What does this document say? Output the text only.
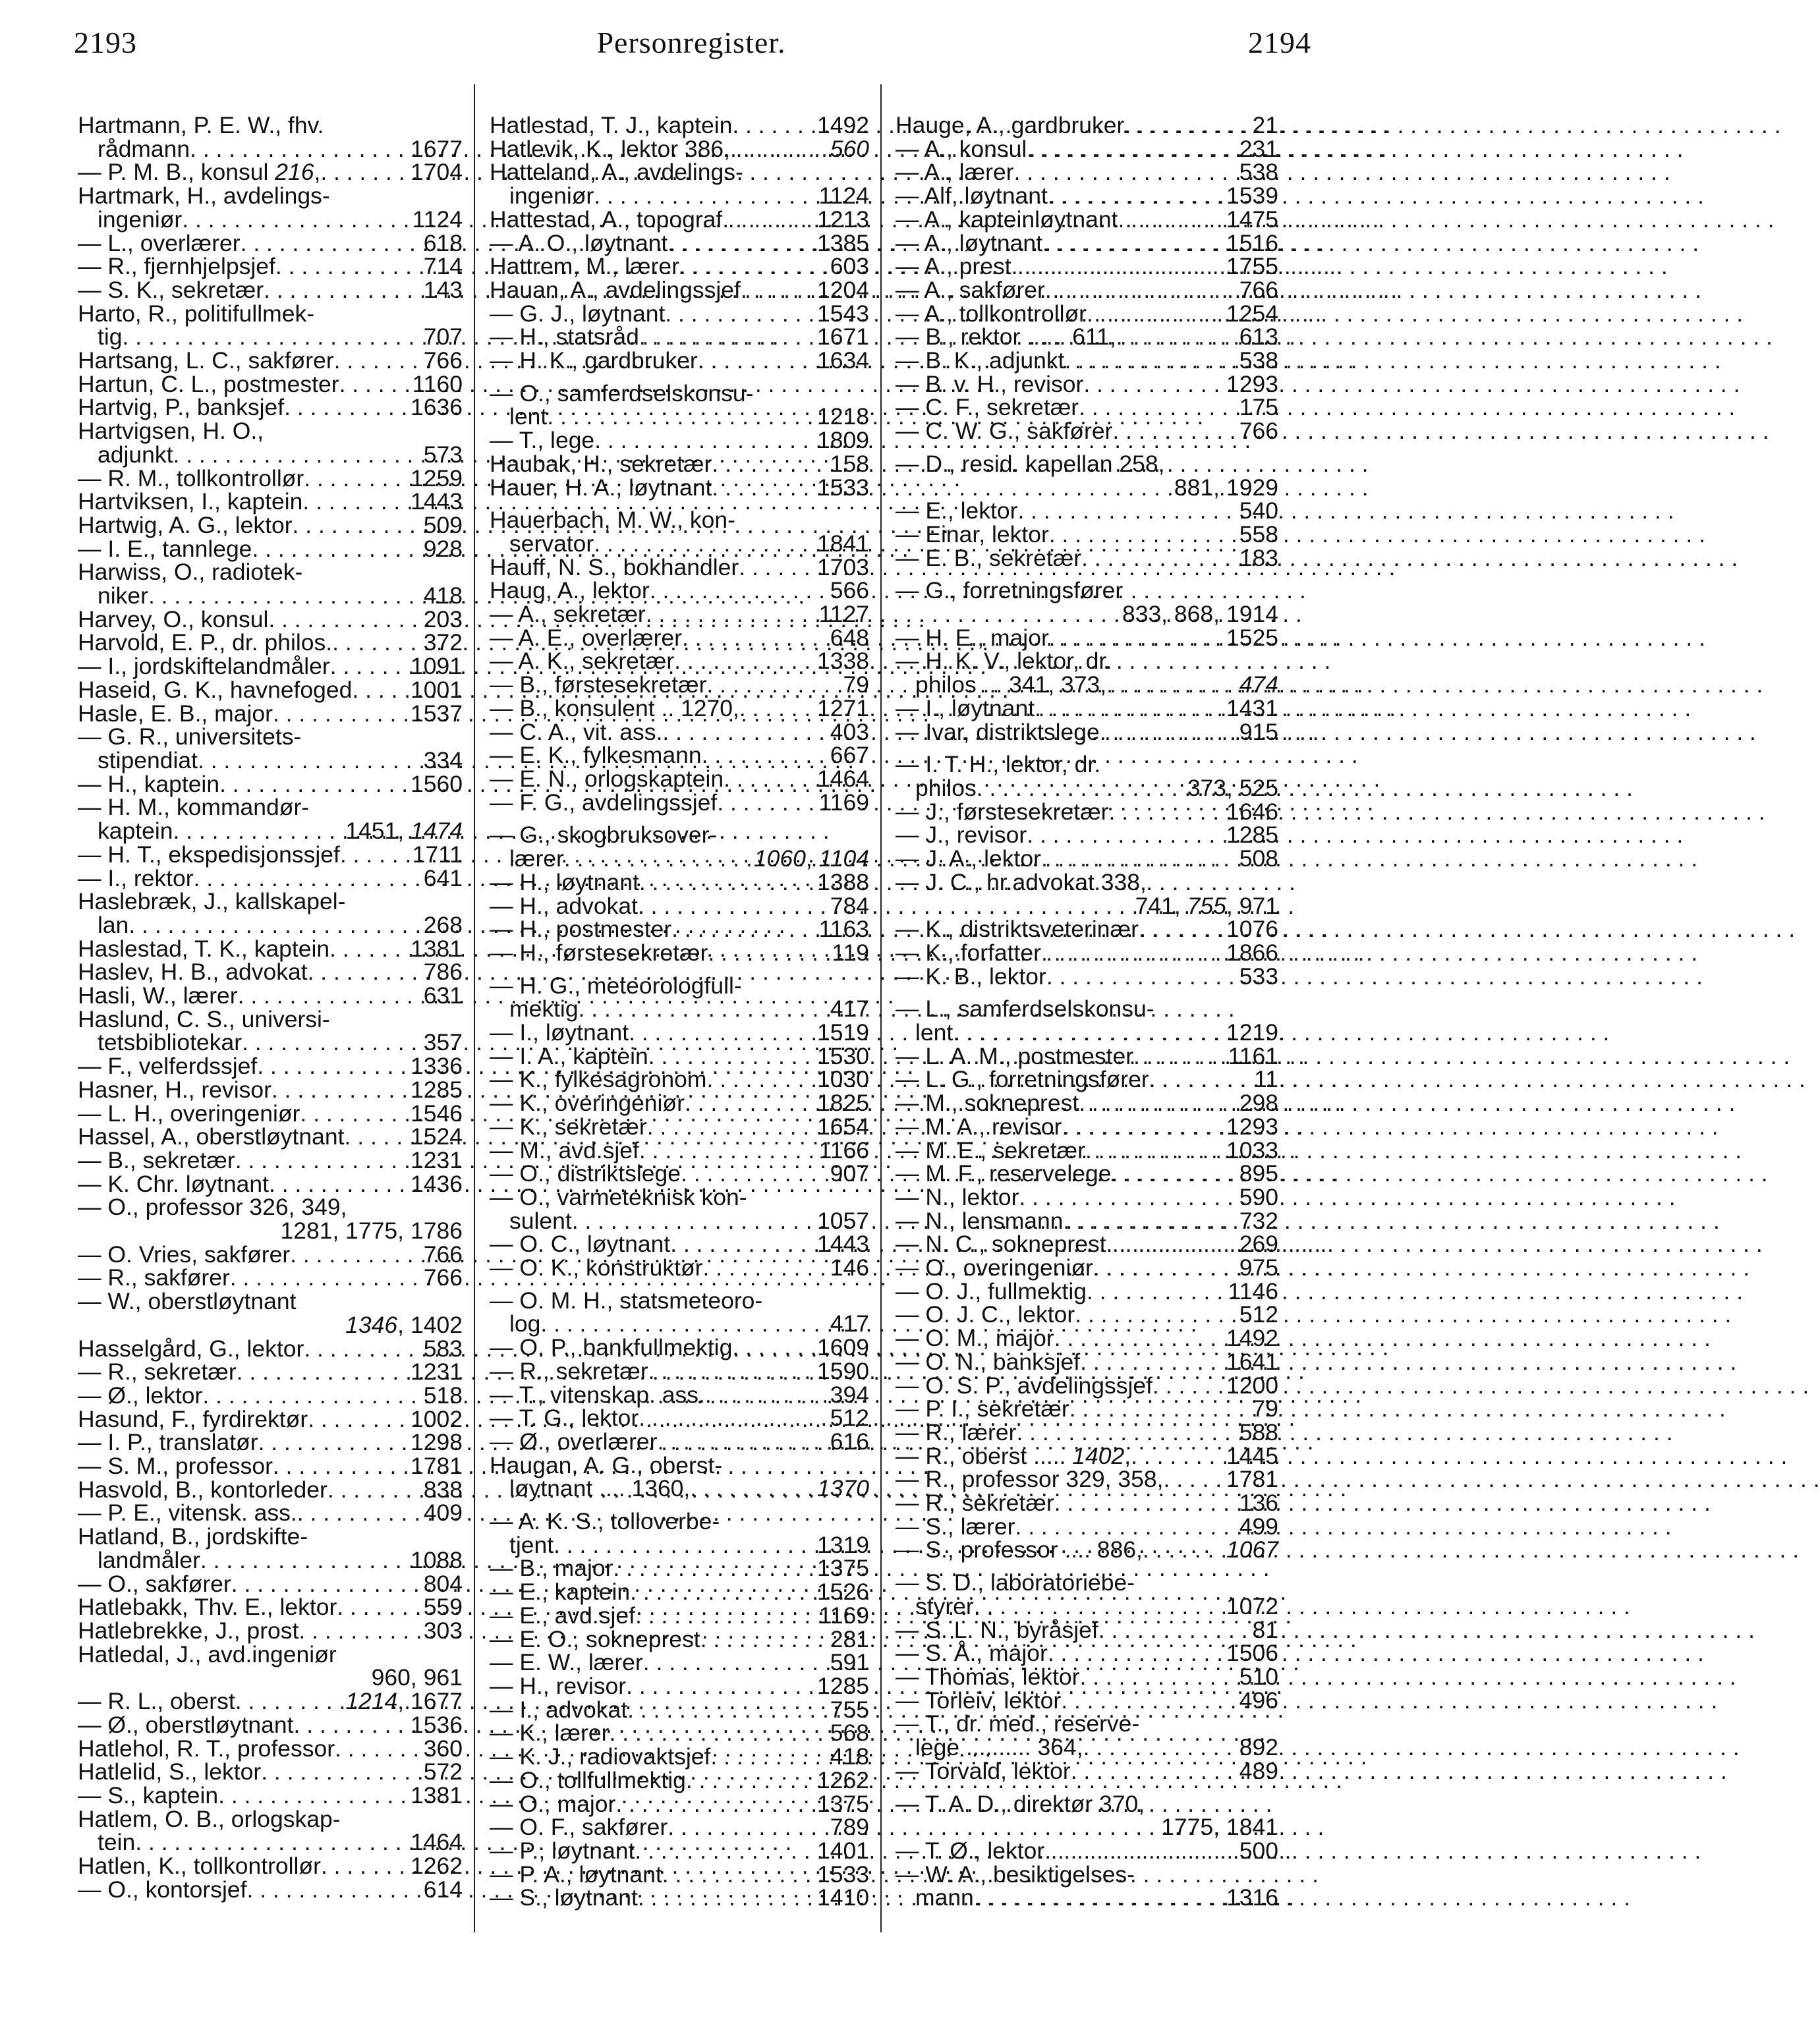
2193	Personregister.	2194
Hartmann, P. E. W., fhv.
rådmann . . .	1677
— P. M. B., konsul 216, . . .	1704
Hartmark, H., avdelings-
ingeniør . . .	1124
— L., overlærer . . .	618
— R., fjernhjelpsjef . . .	714
— S. K., sekretær . . .	143
Harto, R., politifullmek-
tig . . .	707
Hartsang, L. C., sakfører . . .	766
Hartun, C. L., postmester . . .	1160
Hartvig, P., banksjef . . .	1636
Hartvigsen, H. O.,
adjunkt . . .	573
— R. M., tollkontrollør . . .	1259
Hartviksen, I., kaptein . . .	1443
Hartwig, A. G., lektor . . .	509
— I. E., tannlege . . .	928
Harwiss, O., radiotek-
niker . . .	418
Harvey, O., konsul . . .	203
Harvold, E. P., dr. philos. . . .	372
— I., jordskiftelandmåler . . .	1091
Haseid, G. K., havnefoged . . . 1001
Hasle, E. B., major . . .	1537
— G. R., universitets-
stipendiat . . .	334
— H., kaptein . . .	1560
— H. M., kommandør-
kaptein . . .	1451, 1474
— H. T., ekspedisjonssjef . . .	1711
— I., rektor . . .	641
Haslebræk, J., kallskapel-
lan . . .	268
Haslestad, T. K., kaptein . . .	1381
Haslev, H. B., advokat . . .	786
Hasli, W., lærer . . .	631
Haslund, C. S., universi-
tetsbibliotekar . . .	357
— F., velferdssjef . . .	1336
Hasner, H., revisor . . .	1285
— L. H., overingeniør . . .	1546
Hassel, A., oberstløytnant . . .	1524
— B., sekretær . . .	1231
— K. Chr. løytnant . . .	1436
— O., professor 326, 349,
1281, 1775, 1786
— O. Vries, sakfører . . .	766
— R., sakfører . . .	766
— W., oberstløytnant
1346, 1402
Hasselgård, G., lektor . . .	583
— R., sekretær . . .	1231
— Ø., lektor . . .	518
Hasund, F., fyrdirektør . . .	1002
— I. P., translatør . . .	1298
— S. M., professor . . .	1781
Hasvold, B., kontorleder . . .	838
— P. E., vitensk. ass. . . .	409
Hatland, B., jordskifte-
landmåler . . .	1088
— O., sakfører . . .	804
Hatlebakk, Thv. E., lektor . . .	559
Hatlebrekke, J., prost . . .	303
Hatledal, J., avd.ingeniør
960, 961
— R. L., oberst . . .	1214, 1677
— Ø., oberstløytnant . . .	1536
Hatlehol, R. T., professor . . .	360
Hatlelid, S., lektor . . .	572
— S., kaptein . . .	1381
Hatlem, O. B., orlogskap-
tein . . .	1464
Hatlen, K., tollkontrollør . . .	1262
— O., kontorsjef . . .	614
Hatlestad, T. J., kaptein . . .	1492
Hatlevik, K., lektor 386, . . .	560
Hatteland, A., avdelings-
ingeniør . . .	1124
Hattestad, A., topograf . . .	1213
— A. O., løytnant . . .	1385
Hattrem, M., lærer . . .	603
Hauan, A., avdelingssjef . . .	1204
— G. J., løytnant . . .	1543
— H., statsråd . . .	1671
— H. K., gardbruker . . .	1634
— O., samferdselskonsu-
lent . . .	1218
— T., lege . . .	1809
Haubak, H., sekretær . . .	158
Hauer, H. A., løytnant . . .	1533
Hauerbach, M. W., kon-
servator . . .	1841
Hauff, N. S., bokhandler . . .	1703
Haug, A., lektor . . .	566
— A., sekretær . . .	1127
— A. E., overlærer . . .	648
— A. K., sekretær . . .	1338
— B., førstesekretær . . .	79
— B., konsulent .. 1270, . . .	1271
— C. A., vit. ass. . . .	403
— E. K., fylkesmann . . .	667
— E. N., orlogskaptein . . .	1464
— F. G., avdelingssjef . . .	1169
— G., skogbruksover-
lærer . . .	1060, 1104
— H., løytnant . . .	1388
— H., advokat . . .	784
— H., postmester . . .	1163
— H., førstesekretær . . .	119
— H. G., meteorologfull-
mektig . . .	417
— I., løytnant . . .	1519
— I. A., kaptein . . .	1530
— K., fylkesagronom . . .	1030
— K., overingeniør . . .	1825
— K., sekretær . . .	1654
— M., avd.sjef . . .	1166
— O., distriktslege . . .	907
— O., varmeteknisk kon-
sulent . . .	1057
— O. C., løytnant . . .	1443
— O. K., konstruktør . . .	146
— O. M. H., statsmeteoro-
log . . .	417
— O. P., bankfullmektig . . .	1609
— R., sekretær . . .	1590
— T., vitenskap. ass. . . .	394
— T. G., lektor . . .	512
— Ø., overlærer . . .	616
Haugan, A. G., oberst-
løytnant .... 1360, . . .	1370
— A. K. S., tolloverbe-
tjent . . .	1319
— B., major . . .	1375
— E., kaptein . . .	1526
— E., avd.sjef . . .	1169
— E. O., sokneprest . . .	281
— E. W., lærer . . .	591
— H., revisor . . .	1285
— I., advokat . . .	755
— K., lærer . . .	568
— K. J., radiovaktsjef . . .	418
— O., tollfullmektig . . .	1262
— O., major . . .	1375
— O. F., sakfører . . .	789
— P., løytnant . . .	1401
— P. A., løytnant . . .	1533
— S., løytnant . . .	1410
Hauge, A., gardbruker . . .	21
— A., konsul . . .	231
— A., lærer . . .	538
— Alf, løytnant . . .	1539
— A., kapteinløytnant . . .	1475
— A., løytnant . . .	1516
— A., prest . . .	1755
— A., sakfører . . .	766
— A., tollkontrollør . . .	1254
— B., rektor ...... 611, . . .	613
— B. K., adjunkt . . .	538
— B. v. H., revisor . . .	1293
— C. F., sekretær . . .	175
— C. W. G., sakfører . . .	766
— D., resid. kapellan 258,
881, 1929
— E., lektor . . .	540
— Einar, lektor . . .	558
— E. B., sekretær . . .	183
— G., forretningsfører
833, 868, 1914
— H. E., major . . .	1525
— H. K. V., lektor, dr.
philos ... 341, 373, . . .	474
— I., løytnant . . .	1431
— Ivar, distriktslege . . .	915
— I. T. H., lektor, dr.
philos . . .	373, 525
— J., førstesekretær . . .	1646
— J., revisor . . .	1285
— J. A., lektor . . .	508
— J. C., hr.advokat 338,
741, 755, 971
— K., distriktsveterinær . . .	1076
— K., forfatter . . .	1866
— K. B., lektor . . .	533
— L., samferdselskonsu-
lent . . .	1219
— L. A. M., postmester . . .	1161
— L. G., forretningsfører . . .	11
— M., sokneprest . . .	298
— M. A., revisor . . .	1293
— M. E., sekretær . . .	1033
— M. F., reservelege . . .	895
— N., lektor . . .	590
— N., lensmann . . .	732
— N. C., sokneprest . . .	269
— O., overingeniør . . .	975
— O. J., fullmektig . . .	1146
— O. J. C., lektor . . .	512
— O. M., major . . .	1492
— O. N., banksjef . . .	1641
— O. S. P., avdelingssjef . . .	1200
— P. I., sekretær . . .	79
— R., lærer . . .	588
— R., oberst ..... 1402, . . .	1445
— R., professor 329, 358, . . .	1781
— R., sekretær . . .	136
— S., lærer . . .	499
— S., professor .... 886, . . .	1067
— S. D., laboratoriebe-
styrer . . .	1072
— S. L. N., byråsjef . . .	81
— S. Å., major . . .	1506
— Thomas, lektor . . .	510
— Torleiv, lektor . . .	496
— T., dr. med., reserve-
lege .......... 364, . . .	892
— Torvald, lektor . . .	489
— T. A. D., direktør 370,
1775, 1841
— T. Ø., lektor . . .	500
— W. A., besiktigelses-
mann . . .	1316
